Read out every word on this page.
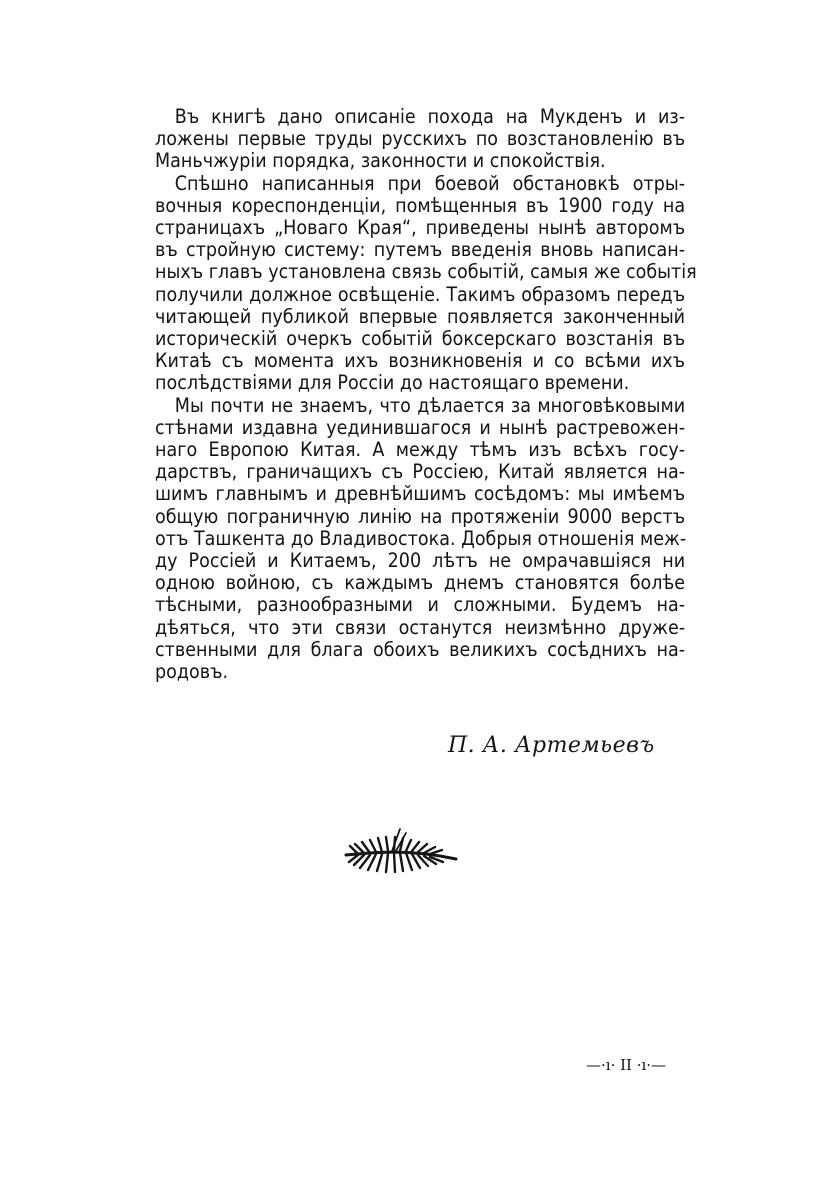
Въ книгѣ дано описаніе похода на Мукденъ и из-
ложены первые труды русскихъ по возстановленію въ
Маньчжуріи порядка, законности и спокойствія.
Спѣшно написанныя при боевой обстановкѣ отры-
вочныя кореспонденціи, помѣщенныя въ 1900 году на
страницахъ „Новаго Края“, приведены нынѣ авторомъ
въ стройную систему: путемъ введенія вновь написан-
ныхъ главъ установлена связь событій, самыя же событія
получили должное освѣщеніе. Такимъ образомъ передъ
читающей публикой впервые появляется законченный
историческій очеркъ событій боксерскаго возстанія въ
Китаѣ съ момента ихъ возникновенія и со всѣми ихъ
послѣдствіями для Россіи до настоящаго времени.
Мы почти не знаемъ, что дѣлается за многовѣковыми
стѣнами издавна уединившагося и нынѣ растревожен-
наго Европою Китая. А между тѣмъ изъ всѣхъ госу-
дарствъ, граничащихъ съ Россіею, Китай является на-
шимъ главнымъ и древнѣйшимъ сосѣдомъ: мы имѣемъ
общую пограничную линію на протяженіи 9000 верстъ
отъ Ташкента до Владивостока. Добрыя отношенія меж-
ду Россіей и Китаемъ, 200 лѣтъ не омрачавшіяся ни
одною войною, съ каждымъ днемъ становятся болѣе
тѣсными, разнообразными и сложными. Будемъ на-
дѣяться, что эти связи останутся неизмѣнно друже-
ственными для блага обоихъ великихъ сосѣднихъ на-
родовъ.
П. А. Артемьевъ
—·ı· II ·ı·—
